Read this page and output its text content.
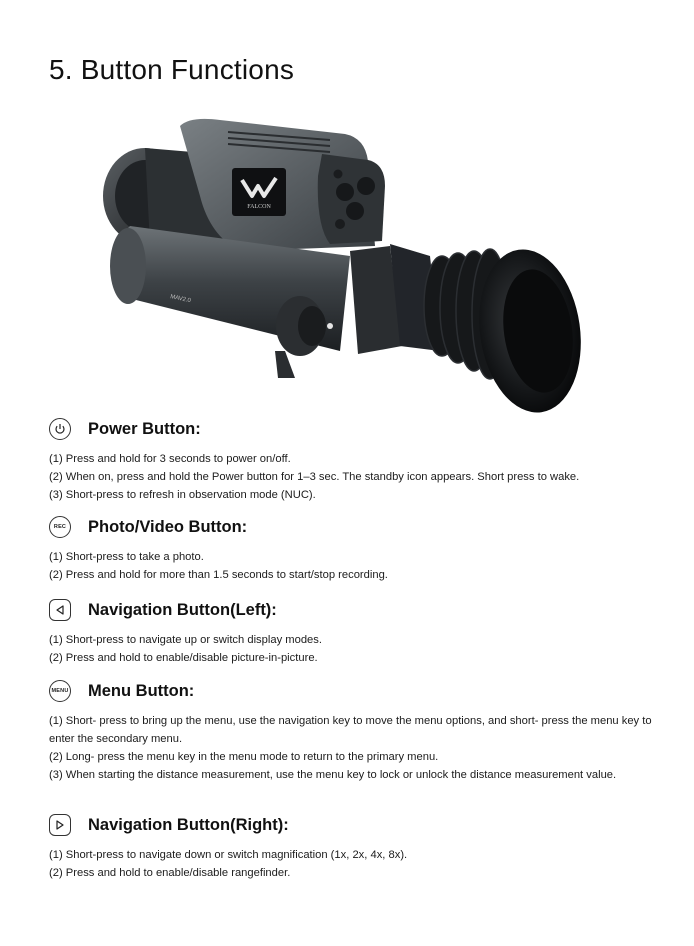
5. Button Functions
FALCON
MAV2.0
Power Button:
(1) Press and hold for 3 seconds to power on/off.
(2) When on, press and hold the Power button for 1–3 sec. The standby icon appears. Short press to wake.
(3) Short-press to refresh in observation mode (NUC).
REC Photo/Video Button:
(1) Short-press to take a photo.
(2) Press and hold for more than 1.5 seconds to start/stop recording.
Navigation Button(Left):
(1) Short-press to navigate up or switch display modes.
(2) Press and hold to enable/disable picture-in-picture.
MENU Menu Button:
(1) Short- press to bring up the menu, use the navigation key to move the menu options, and short- press the menu key to enter the secondary menu.
(2) Long- press the menu key in the menu mode to return to the primary menu.
(3) When starting the distance measurement, use the menu key to lock or unlock the distance measurement value.
Navigation Button(Right):
(1) Short-press to navigate down or switch magnification (1x, 2x, 4x, 8x).
(2) Press and hold to enable/disable rangefinder.
